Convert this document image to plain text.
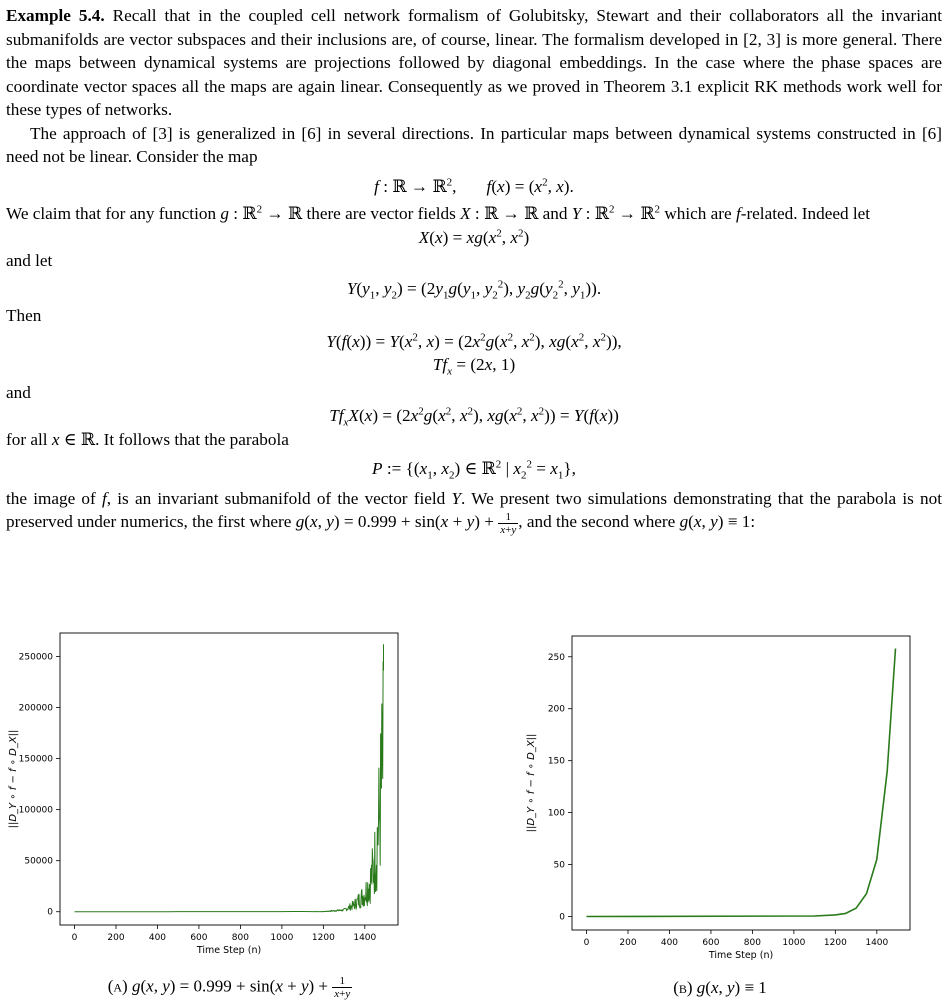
Example 5.4. Recall that in the coupled cell network formalism of Golubitsky, Stewart and their collaborators all the invariant submanifolds are vector subspaces and their inclusions are, of course, linear. The formalism developed in [2, 3] is more general. There the maps between dynamical systems are projections followed by diagonal embeddings. In the case where the phase spaces are coordinate vector spaces all the maps are again linear. Consequently as we proved in Theorem 3.1 explicit RK methods work well for these types of networks.

The approach of [3] is generalized in [6] in several directions. In particular maps between dynamical systems constructed in [6] need not be linear. Consider the map

f : ℝ → ℝ$^2$,       $f(x) = (x^2$, x).

We claim that for any function g : ℝ$^2$ → ℝ there are vector fields X : ℝ → ℝ and Y : ℝ$^2$ → ℝ$^2$ which are f-related. Indeed let

$X(x) = xg(x^2$, $x^2$)

and let

$Y(y_1$, $y_2) = (2y_1g(y_1$, $y_2^2$), $y_2g(y_2^2$, $y_1$)).

Then

$Y(f(x)) = Y(x^2$, $x) = (2x^2g(x^2$, $x^2$), $xg(x^2$, $x^2$)),

$Tf_x = (2x$, 1)

and

$Tf_xX(x) = (2x^2g(x^2$, $x^2$), $xg(x^2$, $x^2)) = Y(f(x))$

for all x ∈ ℝ. It follows that the parabola

P := {($x_1$, $x_2$) ∈ ℝ$^2$ | $x_2^2 = x_1$},

the image of f, is an invariant submanifold of the vector field Y. We present two simulations demonstrating that the parabola is not preserved under numerics, the first where g(x, $y) = 0.999 + \sin(x + y) + \frac{1}{x+y}$ , and the second where g(x, y) ≡ 1:

0	200	400	600	800 1000 1200 1400
0
50000
100000
150000
200000
250000
Time Step (n)
||D_Y ∘ f − f ∘ D_X||
(a) g(x, $y) = 0.999 + \sin(x + y) + \frac{1}{x+y}$
0	200	400	600	800 1000 1200 1400
0
50
100
150
200
250
Time Step (n)
||D_Y ∘ f − f ∘ D_X||
(b) g(x, y) ≡ 1
